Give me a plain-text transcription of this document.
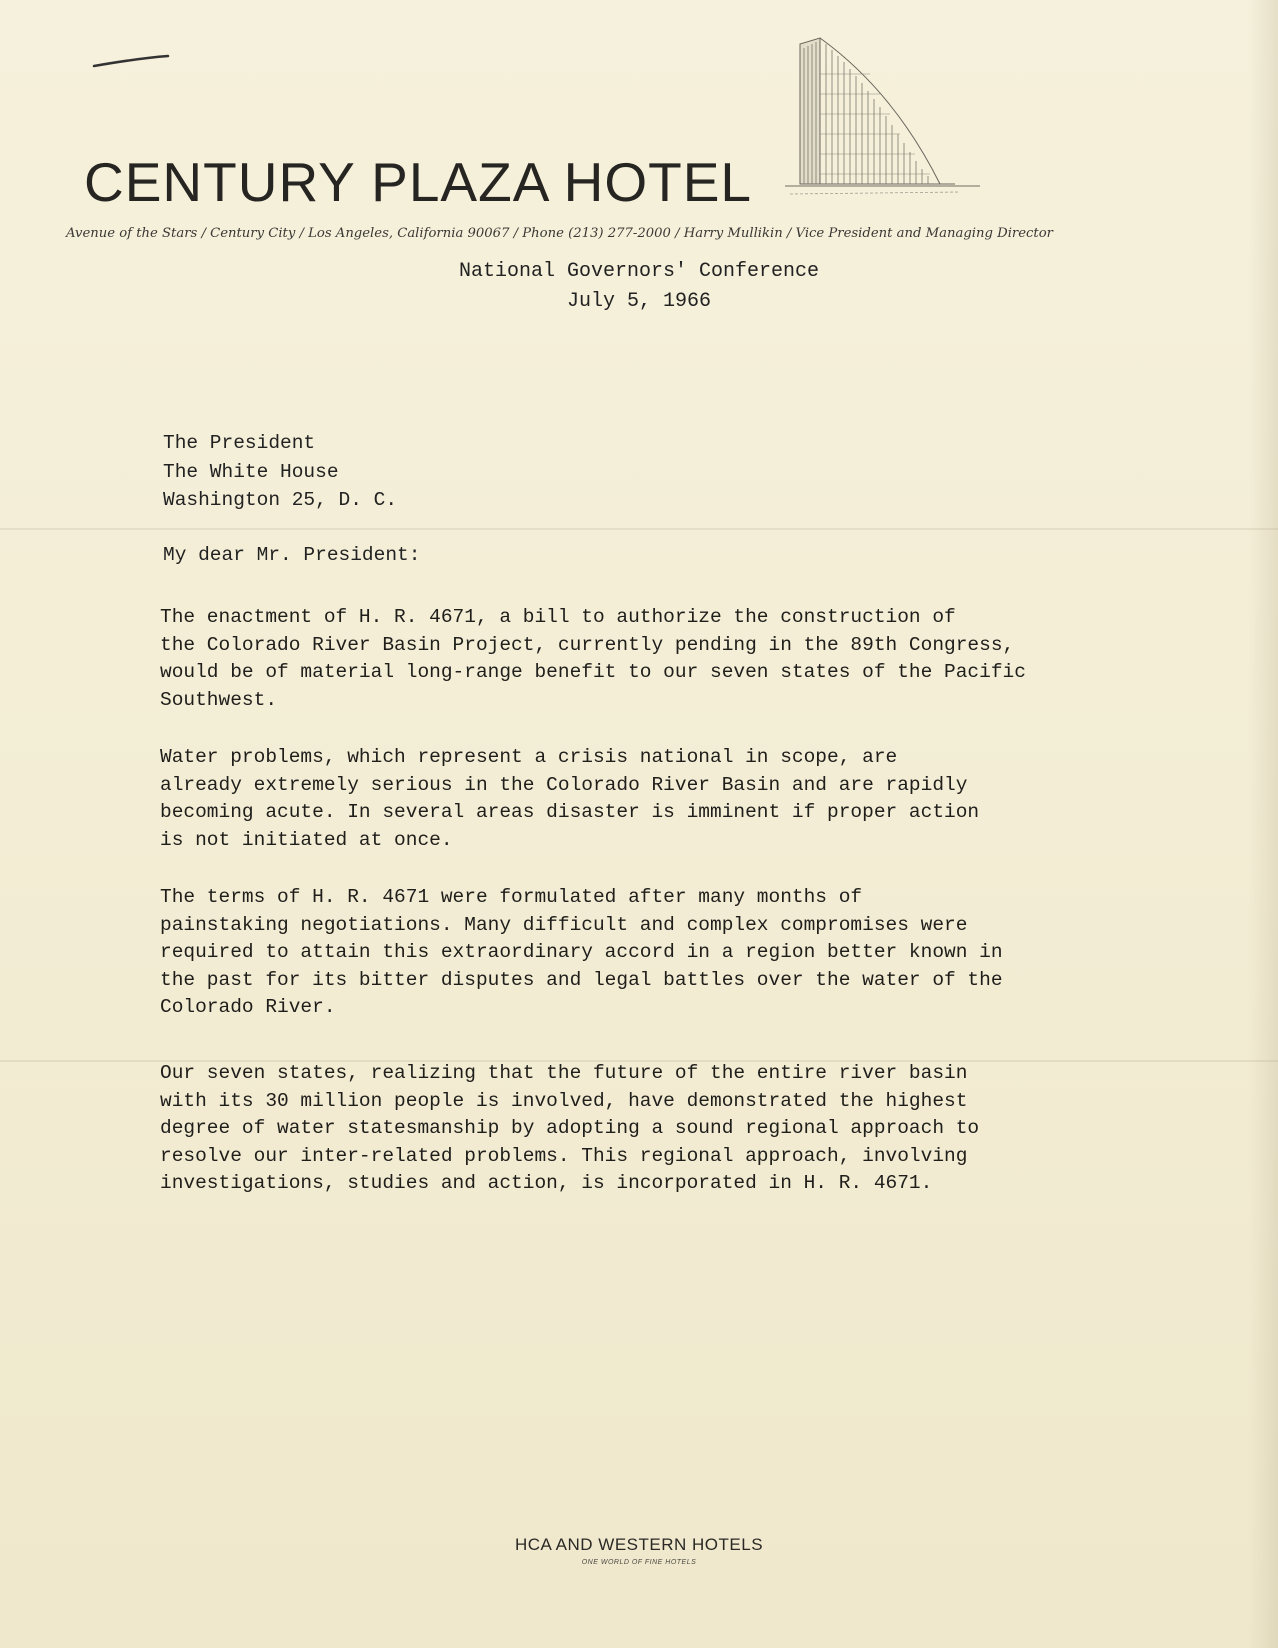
CENTURY PLAZA HOTEL
Avenue of the Stars / Century City / Los Angeles, California 90067 / Phone (213) 277-2000 / Harry Mullikin / Vice President and Managing Director
National Governors' Conference
July 5, 1966
The President
The White House
Washington 25, D. C.
My dear Mr. President:
The enactment of H. R. 4671, a bill to authorize the construction of
the Colorado River Basin Project, currently pending in the 89th Congress,
would be of material long-range benefit to our seven states of the Pacific
Southwest.
Water problems, which represent a crisis national in scope, are
already extremely serious in the Colorado River Basin and are rapidly
becoming acute. In several areas disaster is imminent if proper action
is not initiated at once.
The terms of H. R. 4671 were formulated after many months of
painstaking negotiations. Many difficult and complex compromises were
required to attain this extraordinary accord in a region better known in
the past for its bitter disputes and legal battles over the water of the
Colorado River.
Our seven states, realizing that the future of the entire river basin
with its 30 million people is involved, have demonstrated the highest
degree of water statesmanship by adopting a sound regional approach to
resolve our inter-related problems. This regional approach, involving
investigations, studies and action, is incorporated in H. R. 4671.
HCA AND WESTERN HOTELS
ONE WORLD OF FINE HOTELS
